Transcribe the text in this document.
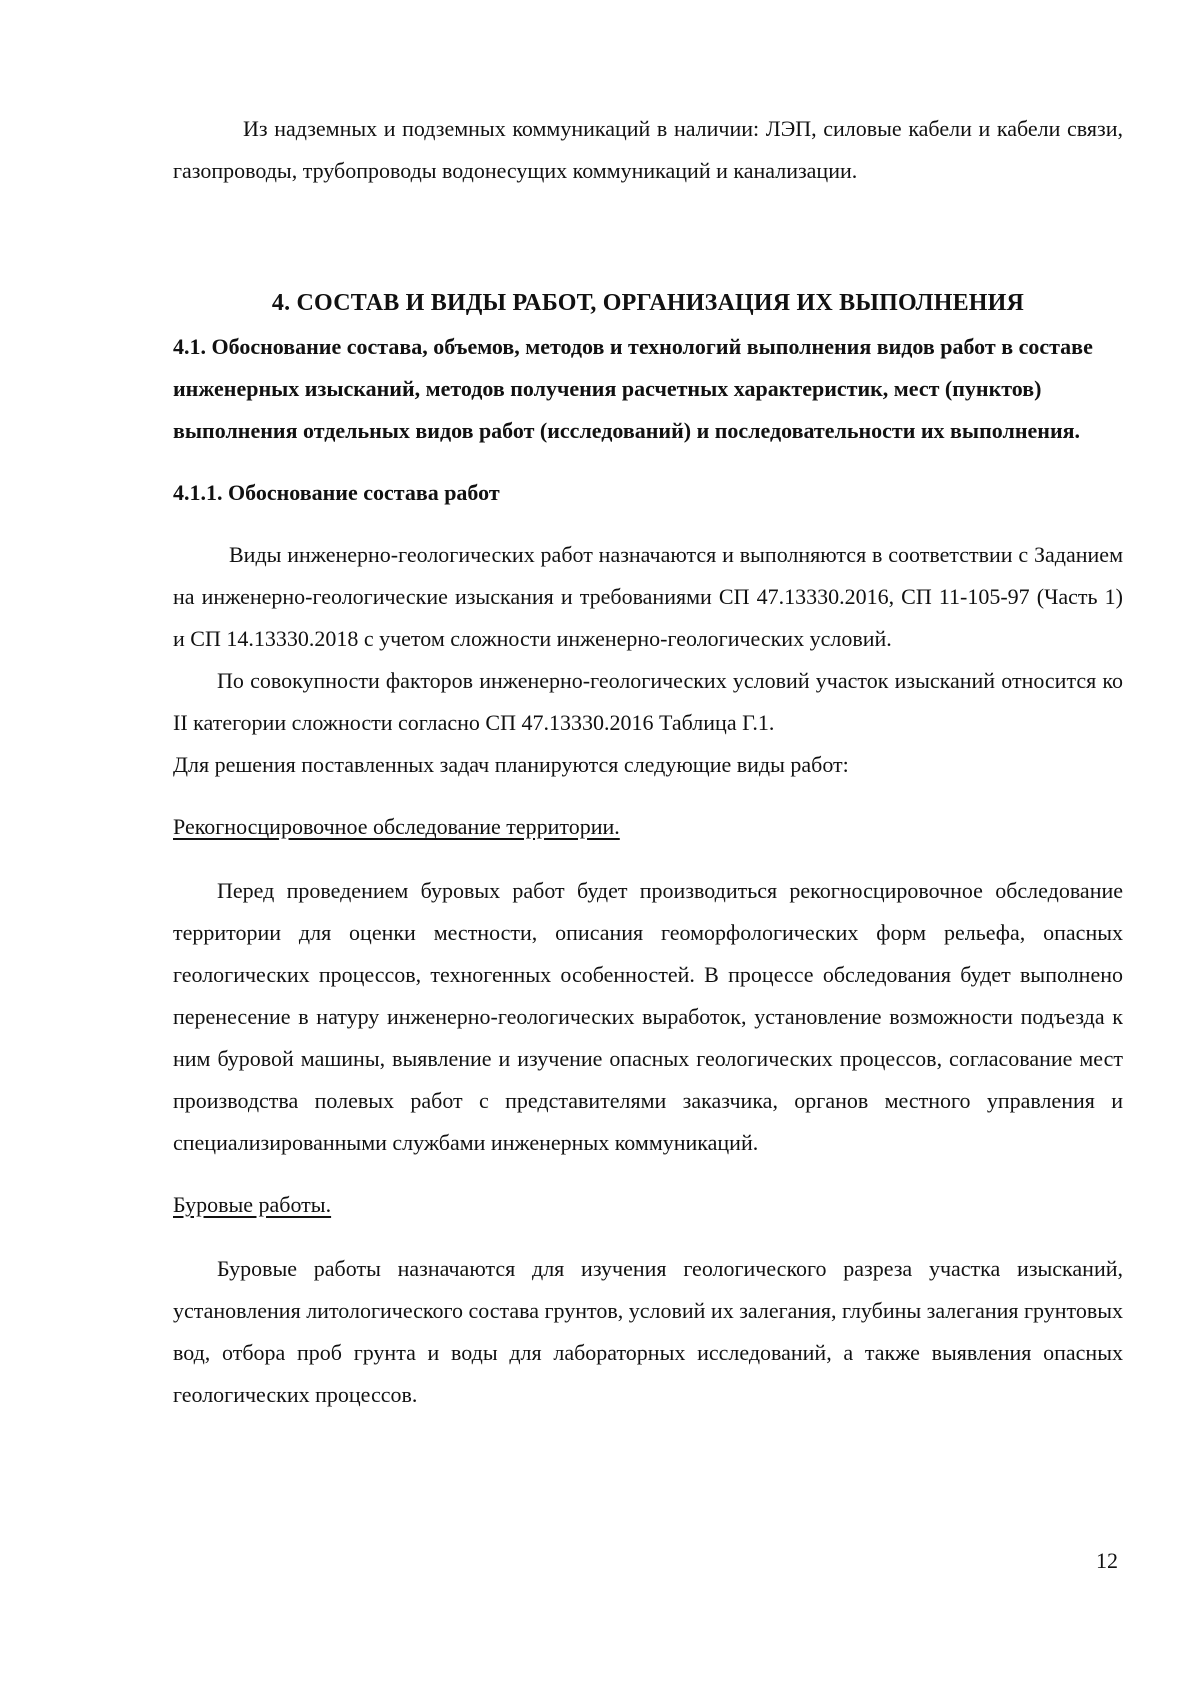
Из надземных и подземных коммуникаций в наличии: ЛЭП, силовые кабели и кабели связи, газопроводы, трубопроводы водонесущих коммуникаций и канализации.

4. СОСТАВ И ВИДЫ РАБОТ, ОРГАНИЗАЦИЯ ИХ ВЫПОЛНЕНИЯ
4.1. Обоснование состава, объемов, методов и технологий выполнения видов работ в составе инженерных изысканий, методов получения расчетных характеристик, мест (пунктов) выполнения отдельных видов работ (исследований) и последовательности их выполнения.
4.1.1. Обоснование состава работ

Виды инженерно-геологических работ назначаются и выполняются в соответствии с Заданием на инженерно-геологические изыскания и требованиями СП 47.13330.2016, СП 11-105-97 (Часть 1) и СП 14.13330.2018 с учетом сложности инженерно-геологических условий.

По совокупности факторов инженерно-геологических условий участок изысканий относится ко II категории сложности согласно СП 47.13330.2016 Таблица Г.1.

Для решения поставленных задач планируются следующие виды работ:

Рекогносцировочное обследование территории.

Перед проведением буровых работ будет производиться рекогносцировочное обследование территории для оценки местности, описания геоморфологических форм рельефа, опасных геологических процессов, техногенных особенностей. В процессе обследования будет выполнено перенесение в натуру инженерно-геологических выработок, установление возможности подъезда к ним буровой машины, выявление и изучение опасных геологических процессов, согласование мест производства полевых работ с представителями заказчика, органов местного управления и специализированными службами инженерных коммуникаций.

Буровые работы.

Буровые работы назначаются для изучения геологического разреза участка изысканий, установления литологического состава грунтов, условий их залегания, глубины залегания грунтовых вод, отбора проб грунта и воды для лабораторных исследований, а также выявления опасных геологических процессов.

12
